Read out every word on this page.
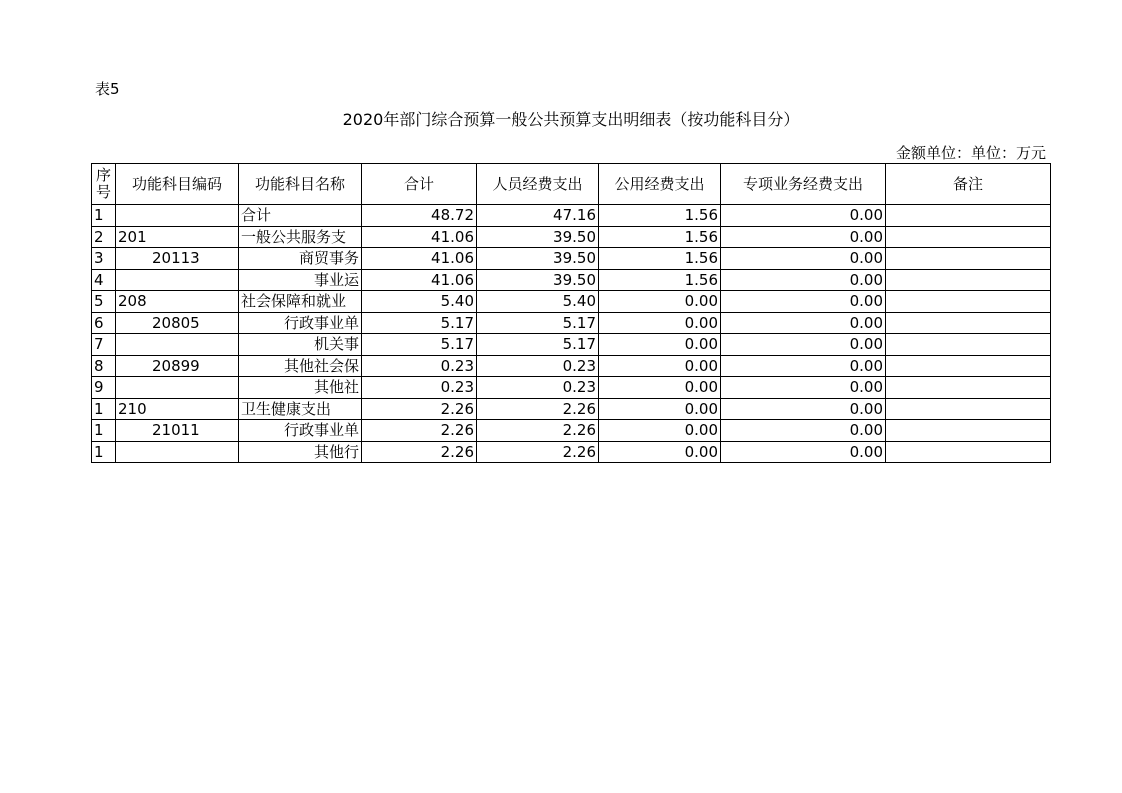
表5
2020年部门综合预算一般公共预算支出明细表（按功能科目分）
金额单位：单位：万元
序号	功能科目编码	功能科目名称	合计	人员经费支出	公用经费支出	专项业务经费支出	备注
1		合计	48.72	47.16	1.56	0.00	
2	201	一般公共服务支	41.06	39.50	1.56	0.00	
3	20113	商贸事务	41.06	39.50	1.56	0.00	
4		事业运	41.06	39.50	1.56	0.00	
5	208	社会保障和就业	5.40	5.40	0.00	0.00	
6	20805	行政事业单	5.17	5.17	0.00	0.00	
7		机关事	5.17	5.17	0.00	0.00	
8	20899	其他社会保	0.23	0.23	0.00	0.00	
9		其他社	0.23	0.23	0.00	0.00	
1	210	卫生健康支出	2.26	2.26	0.00	0.00	
1	21011	行政事业单	2.26	2.26	0.00	0.00	
1		其他行	2.26	2.26	0.00	0.00	
